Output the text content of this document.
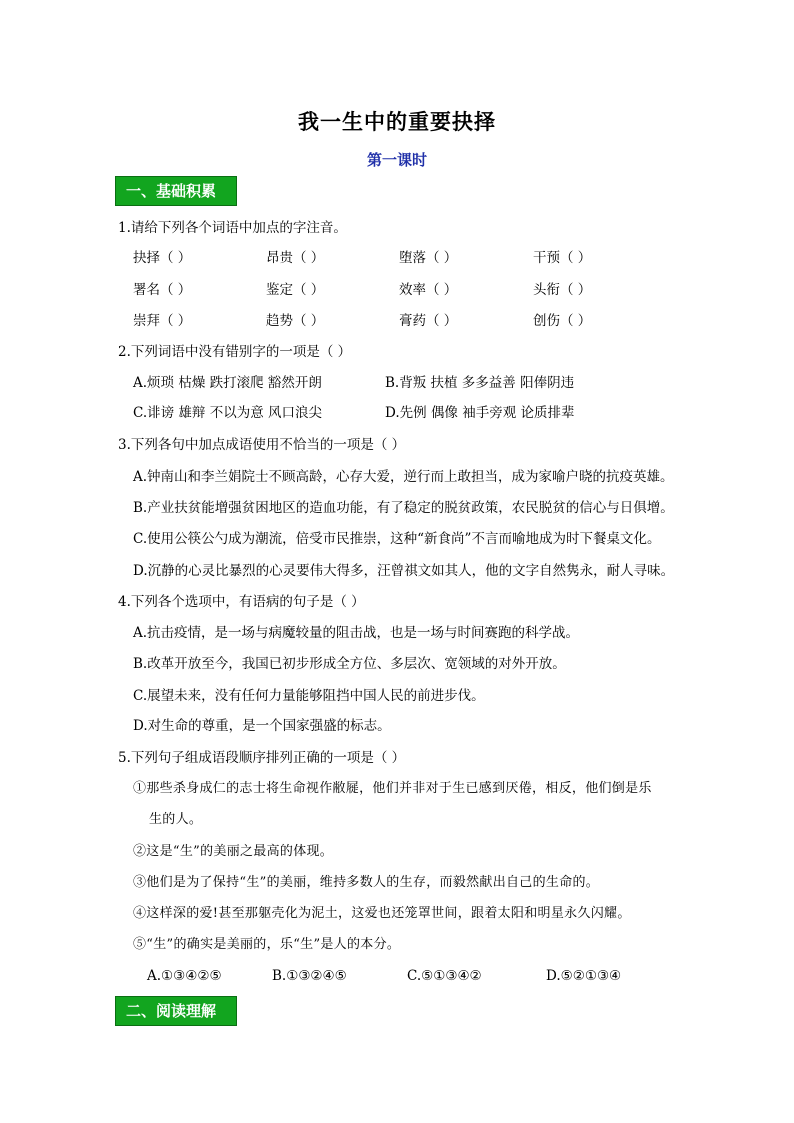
我一生中的重要抉择
第一课时
一、基础积累
1.请给下列各个词语中加点的字注音。
抉择（ ）	昂贵（ ）	堕落（ ）	干预（ ）
署名（ ）	鉴定（ ）	效率（ ）	头衔（ ）
崇拜（ ）	趋势（ ）	膏药（ ）	创伤（ ）
2.下列词语中没有错别字的一项是（ ）
A.烦琐 枯燥 跌打滚爬 豁然开朗	B.背叛 扶植 多多益善 阳俸阴违
C.诽谤 雄辩 不以为意 风口浪尖	D.先例 偶像 袖手旁观 论质排辈
3.下列各句中加点成语使用不恰当的一项是（ ）
A.钟南山和李兰娟院士不顾高龄，心存大爱，逆行而上敢担当，成为家喻户晓的抗疫英雄。
B.产业扶贫能增强贫困地区的造血功能，有了稳定的脱贫政策，农民脱贫的信心与日俱增。
C.使用公筷公勺成为潮流，倍受市民推崇，这种“新食尚”不言而喻地成为时下餐桌文化。
D.沉静的心灵比暴烈的心灵要伟大得多，汪曾祺文如其人，他的文字自然隽永，耐人寻味。
4.下列各个选项中，有语病的句子是（ ）
A.抗击疫情，是一场与病魔较量的阻击战，也是一场与时间赛跑的科学战。
B.改革开放至今，我国已初步形成全方位、多层次、宽领域的对外开放。
C.展望未来，没有任何力量能够阻挡中国人民的前进步伐。
D.对生命的尊重，是一个国家强盛的标志。
5.下列句子组成语段顺序排列正确的一项是（ ）
①那些杀身成仁的志士将生命视作敝屣，他们并非对于生已感到厌倦，相反，他们倒是乐
生的人。
②这是“生”的美丽之最高的体现。
③他们是为了保持“生”的美丽，维持多数人的生存，而毅然献出自己的生命的。
④这样深的爱!甚至那躯壳化为泥土，这爱也还笼罩世间，跟着太阳和明星永久闪耀。
⑤“生”的确实是美丽的，乐“生”是人的本分。
A.①③④②⑤	B.①③②④⑤	C.⑤①③④②	D.⑤②①③④
二、阅读理解
